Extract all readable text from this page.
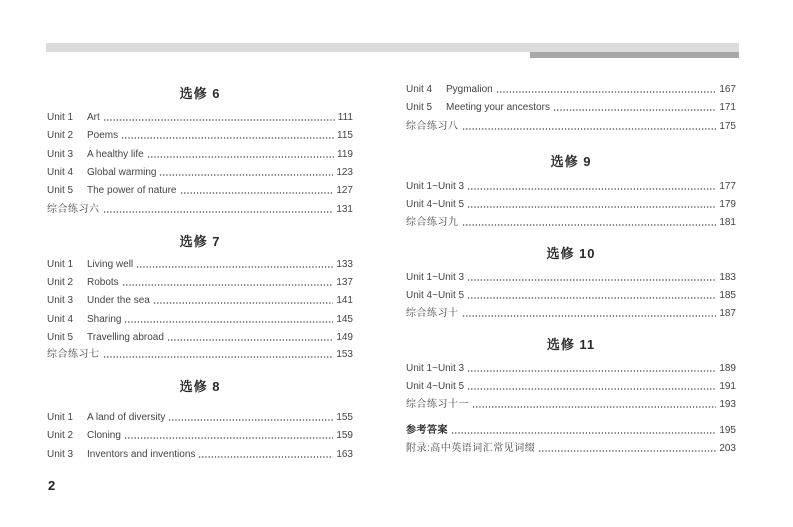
选修 6
Unit 1	Art	111
Unit 2	Poems	115
Unit 3	A healthy life	119
Unit 4	Global warming	123
Unit 5	The power of nature	127
综合练习六	131
选修 7
Unit 1	Living well	133
Unit 2	Robots	137
Unit 3	Under the sea	141
Unit 4	Sharing	145
Unit 5	Travelling abroad	149
综合练习七	153
选修 8
Unit 1	A land of diversity	155
Unit 2	Cloning	159
Unit 3	Inventors and inventions	163
Unit 4	Pygmalion	167
Unit 5	Meeting your ancestors	171
综合练习八	175
选修 9
Unit 1~Unit 3	177
Unit 4~Unit 5	179
综合练习九	181
选修 10
Unit 1~Unit 3	183
Unit 4~Unit 5	185
综合练习十	187
选修 11
Unit 1~Unit 3	189
Unit 4~Unit 5	191
综合练习十一	193
参考答案	195
附录:高中英语词汇常见词缀	203
2
